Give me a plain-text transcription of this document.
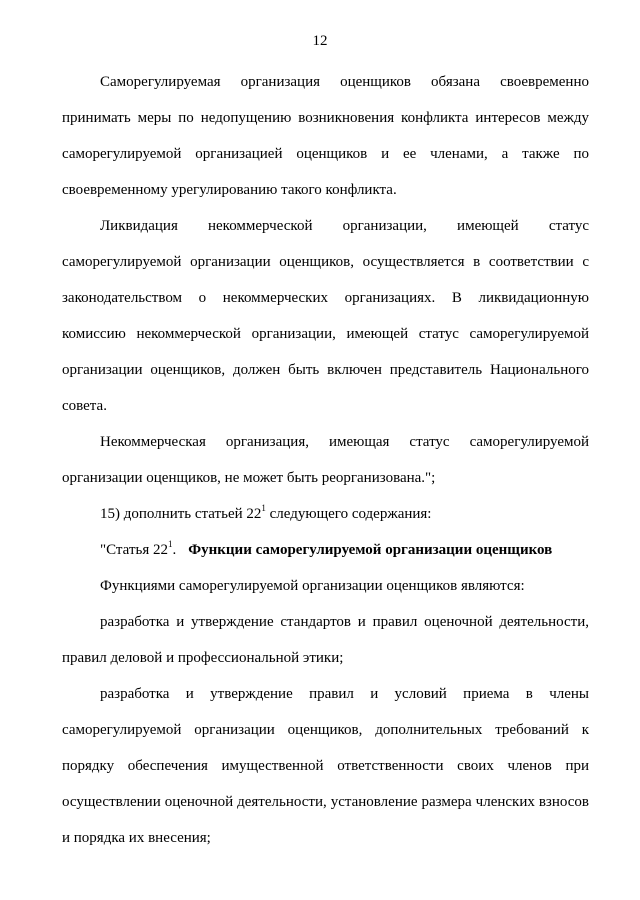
12

Саморегулируемая организация оценщиков обязана своевременно принимать меры по недопущению возникновения конфликта интересов между саморегулируемой организацией оценщиков и ее членами, а также по своевременному урегулированию такого конфликта.

Ликвидация некоммерческой организации, имеющей статус саморегулируемой организации оценщиков, осуществляется в соответствии с законодательством о некоммерческих организациях. В ликвидационную комиссию некоммерческой организации, имеющей статус саморегулируемой организации оценщиков, должен быть включен представитель Национального совета.

Некоммерческая организация, имеющая статус саморегулируемой организации оценщиков, не может быть реорганизована.";

15) дополнить статьей $22^1$ следующего содержания:

"Статья $22^1$. Функции саморегулируемой организации оценщиков

Функциями саморегулируемой организации оценщиков являются:

разработка и утверждение стандартов и правил оценочной деятельности, правил деловой и профессиональной этики;

разработка и утверждение правил и условий приема в члены саморегулируемой организации оценщиков, дополнительных требований к порядку обеспечения имущественной ответственности своих членов при осуществлении оценочной деятельности, установление размера членских взносов и порядка их внесения;
